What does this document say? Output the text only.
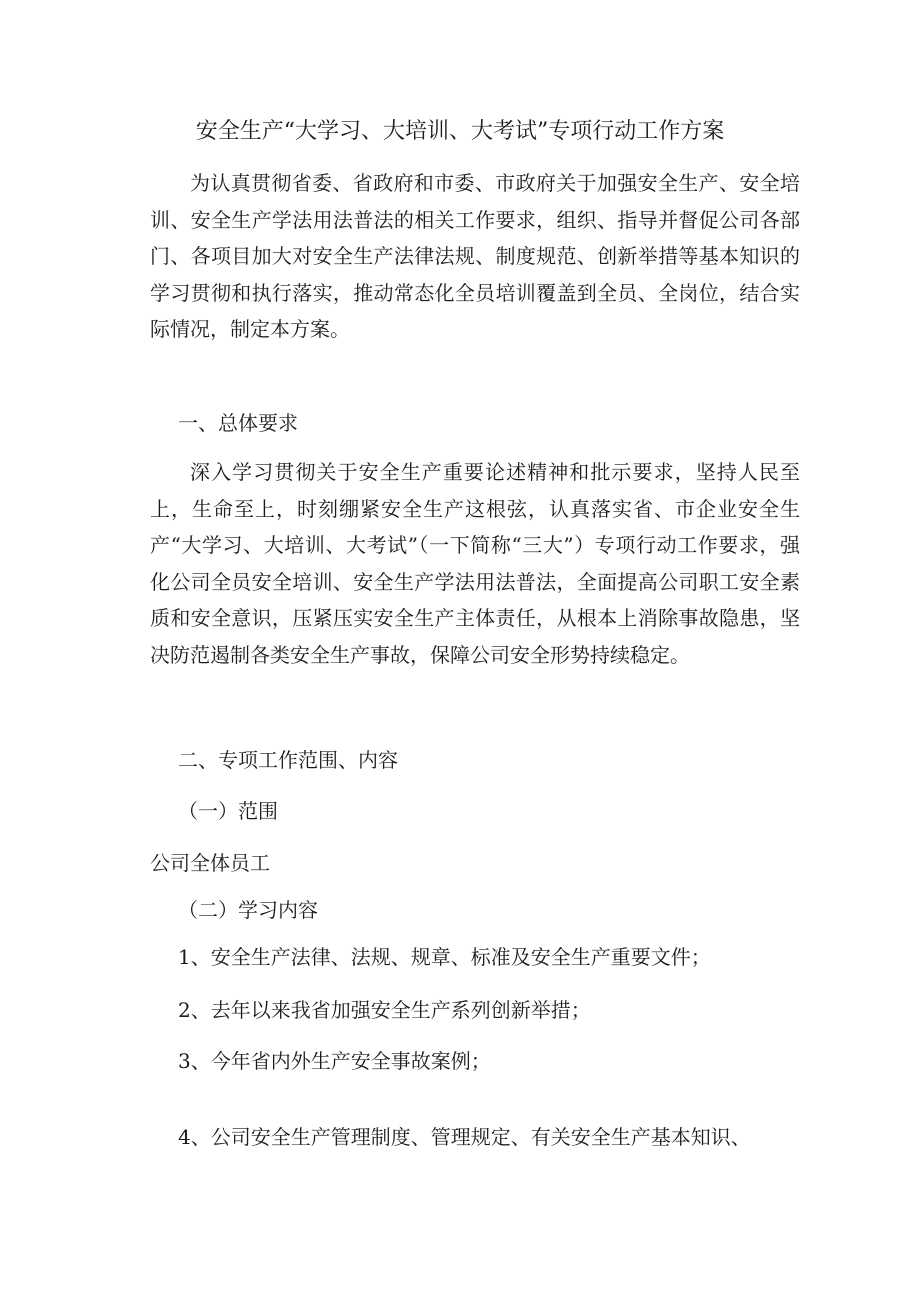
安全生产“大学习、大培训、大考试”专项行动工作方案

为认真贯彻省委、省政府和市委、市政府关于加强安全生产、安全培训、安全生产学法用法普法的相关工作要求，组织、指导并督促公司各部门、各项目加大对安全生产法律法规、制度规范、创新举措等基本知识的学习贯彻和执行落实，推动常态化全员培训覆盖到全员、全岗位，结合实际情况，制定本方案。

一、总体要求

深入学习贯彻关于安全生产重要论述精神和批示要求，坚持人民至上，生命至上，时刻绷紧安全生产这根弦，认真落实省、市企业安全生产“大学习、大培训、大考试”（一下简称“三大”）专项行动工作要求，强化公司全员安全培训、安全生产学法用法普法，全面提高公司职工安全素质和安全意识，压紧压实安全生产主体责任，从根本上消除事故隐患，坚决防范遏制各类安全生产事故，保障公司安全形势持续稳定。

二、专项工作范围、内容

（一）范围

公司全体员工

（二）学习内容

1、安全生产法律、法规、规章、标准及安全生产重要文件；

2、去年以来我省加强安全生产系列创新举措；

3、今年省内外生产安全事故案例；

4、公司安全生产管理制度、管理规定、有关安全生产基本知识、
